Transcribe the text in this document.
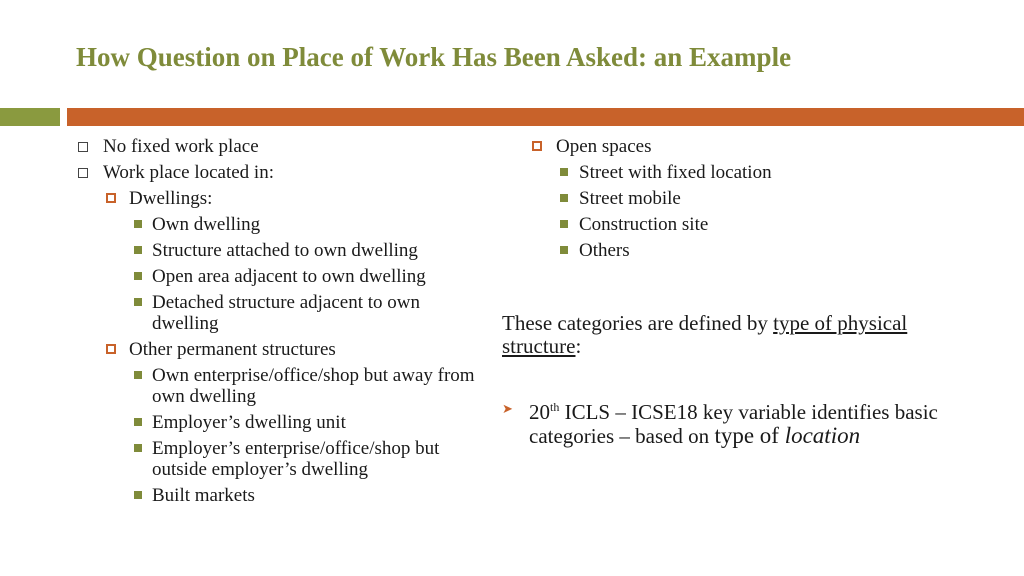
How Question on Place of Work Has Been Asked: an Example
No fixed work place
Work place located in:
Dwellings:
Own dwelling
Structure attached to own dwelling
Open area adjacent to own dwelling
Detached structure adjacent to own dwelling
Other permanent structures
Own enterprise/office/shop but away from own dwelling
Employer’s dwelling unit
Employer’s enterprise/office/shop but outside employer’s dwelling
Built markets
Open spaces
Street with fixed location
Street mobile
Construction site
Others
These categories are defined by type of physical structure:
➤ 20th ICLS – ICSE18 key variable identifies basic categories – based on type of location
